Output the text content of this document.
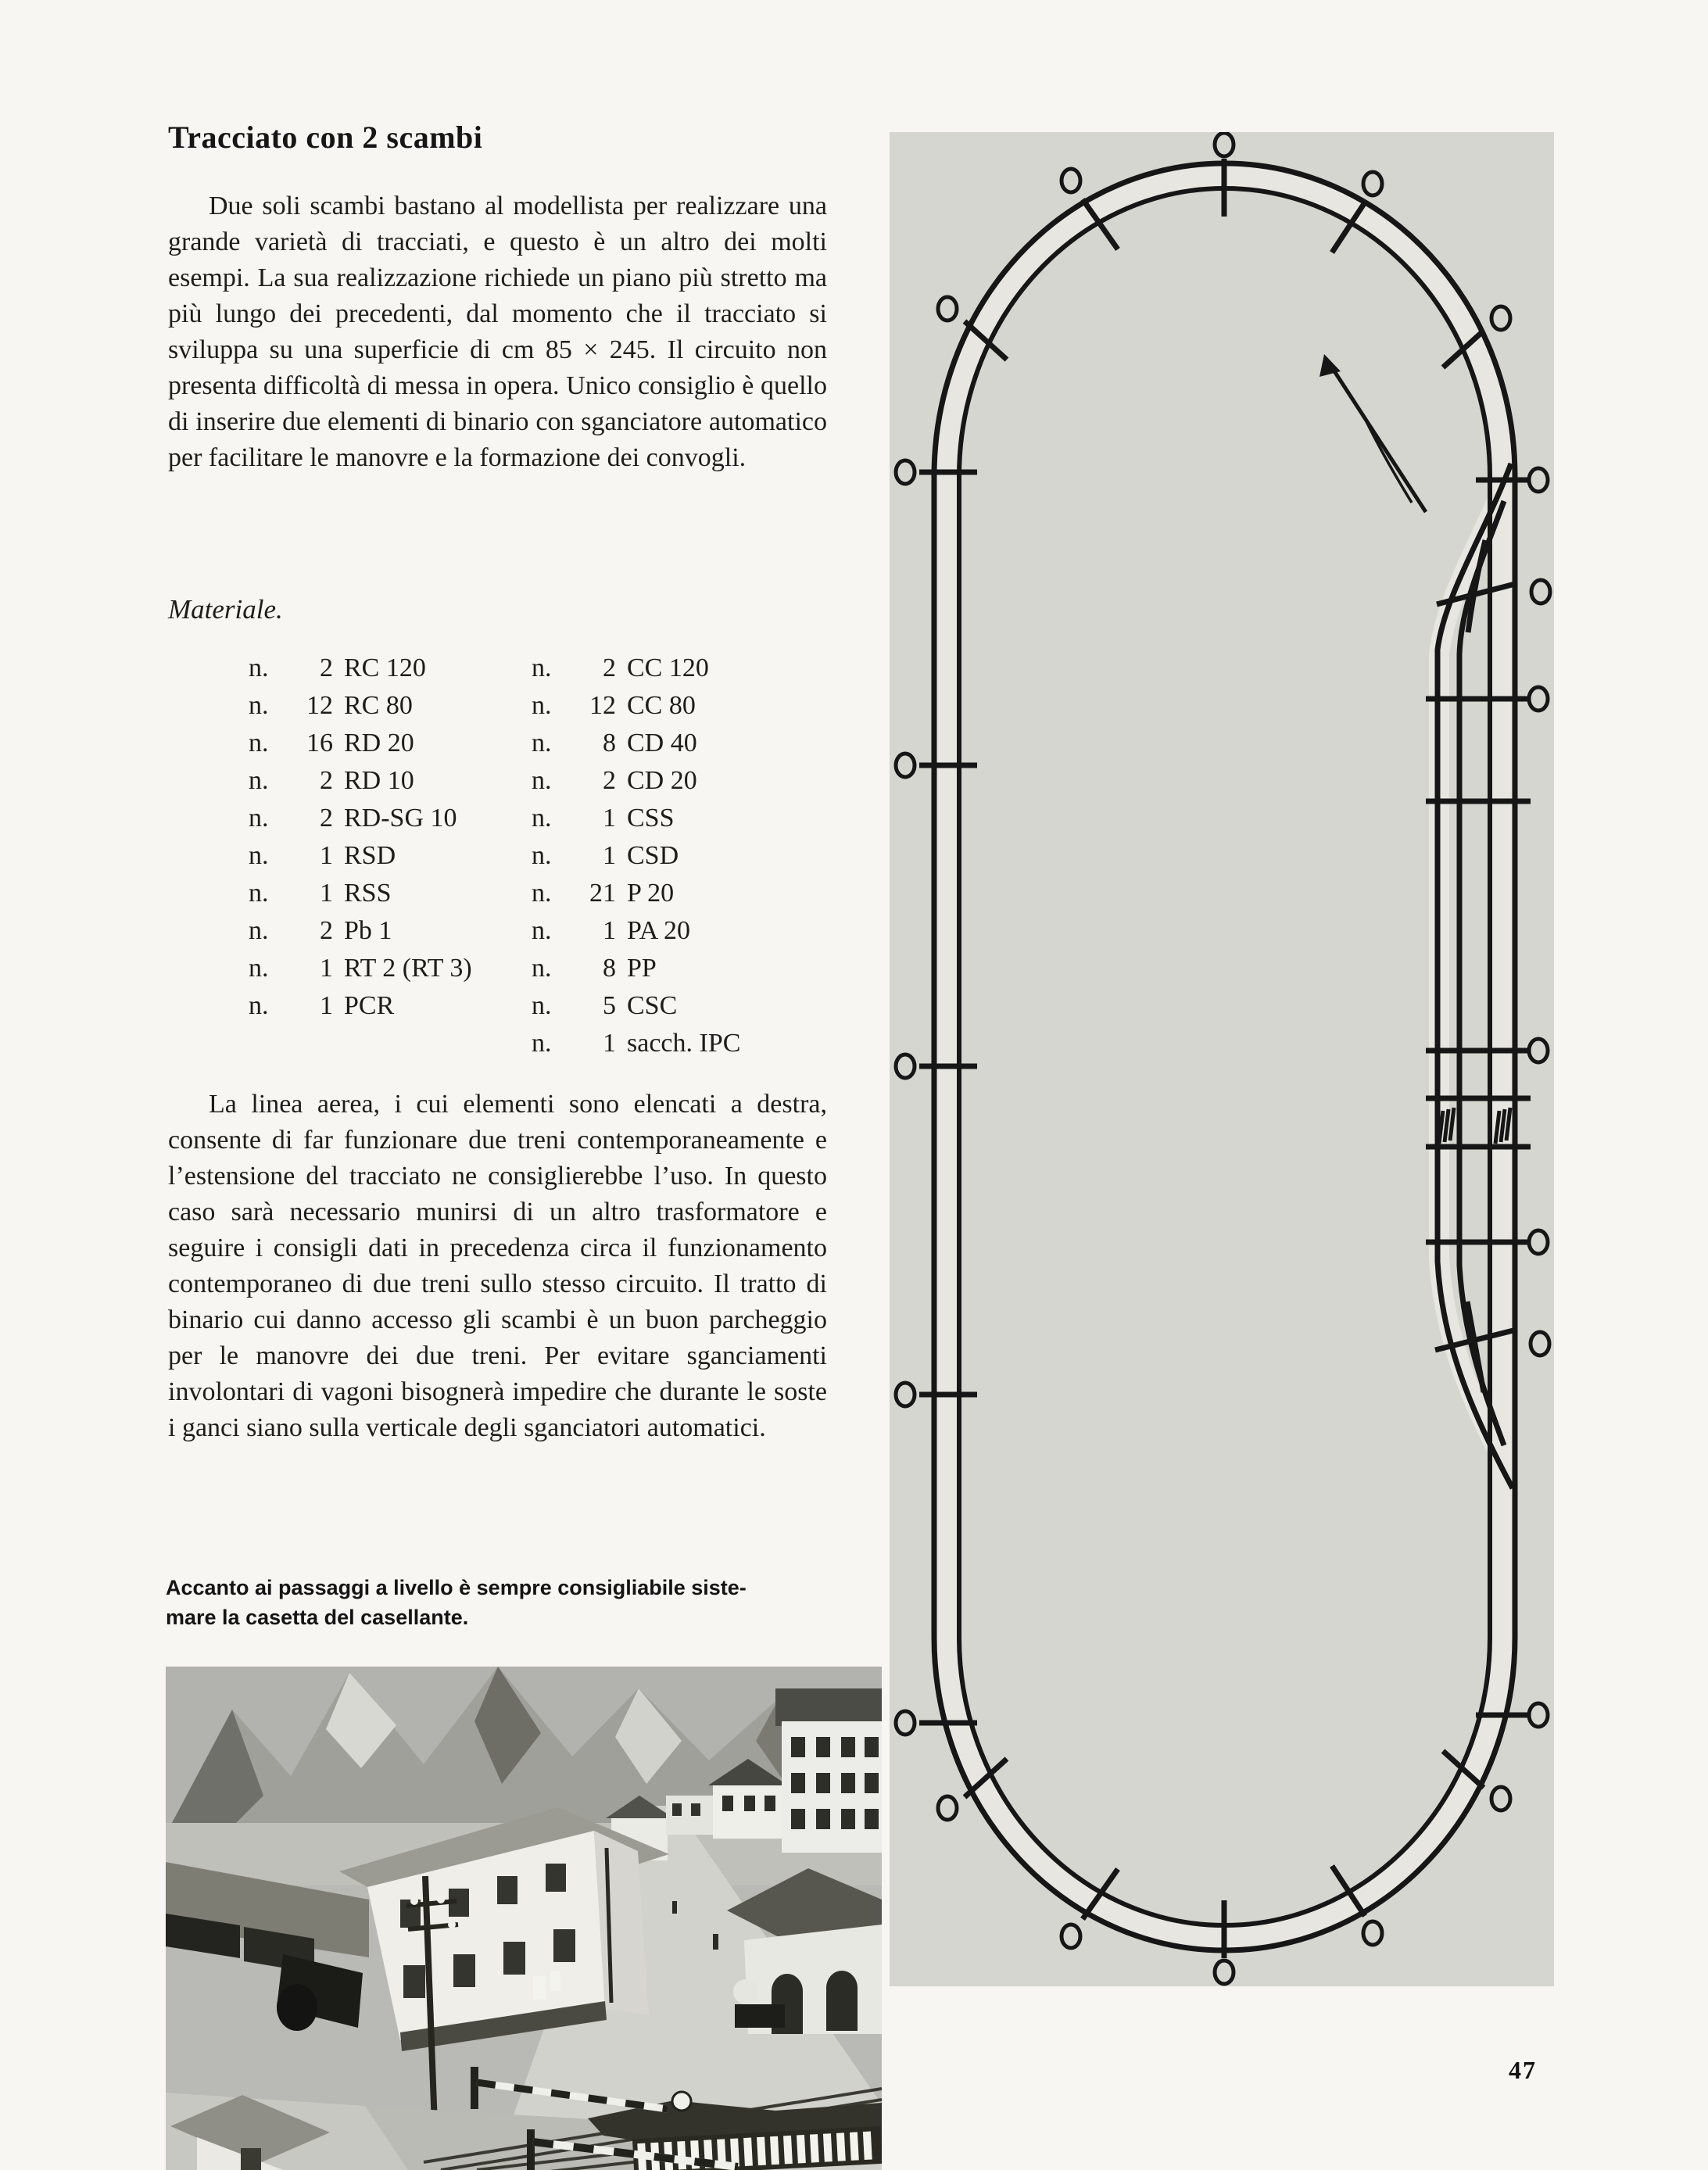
Tracciato con 2 scambi

Due soli scambi bastano al modellista per realizzare una grande varietà di tracciati, e questo è un altro dei molti esempi. La sua realizzazione richiede un piano più stretto ma più lungo dei precedenti, dal momento che il tracciato si sviluppa su una superficie di cm 85 × 245. Il circuito non presenta difficoltà di messa in opera. Unico consiglio è quello di inserire due elementi di binario con sganciatore automatico per facilitare le manovre e la formazione dei convogli.

Materiale.

n.	2 RC 120
n.	12 RC 80
n.	16 RD 20
n.	2 RD 10
n.	2 RD-SG 10
n.	1 RSD
n.	1 RSS
n.	2 Pb 1
n.	1 RT 2 (RT 3)
n.	1 PCR
n.	2 CC 120
n.	12 CC 80
n.	8 CD 40
n.	2 CD 20
n.	1 CSS
n.	1 CSD
n.	21 P 20
n.	1 PA 20
n.	8 PP
n.	5 CSC
n.	1 sacch. IPC

La linea aerea, i cui elementi sono elencati a destra, consente di far funzionare due treni contemporaneamente e l’estensione del tracciato ne consiglierebbe l’uso. In questo caso sarà necessario munirsi di un altro trasformatore e seguire i consigli dati in precedenza circa il funzionamento contemporaneo di due treni sullo stesso circuito. Il tratto di binario cui danno accesso gli scambi è un buon parcheggio per le manovre dei due treni. Per evitare sganciamenti involontari di vagoni bisognerà impedire che durante le soste i ganci siano sulla verticale degli sganciatori automatici.

Accanto ai passaggi a livello è sempre consigliabile siste-
mare la casetta del casellante.
47
